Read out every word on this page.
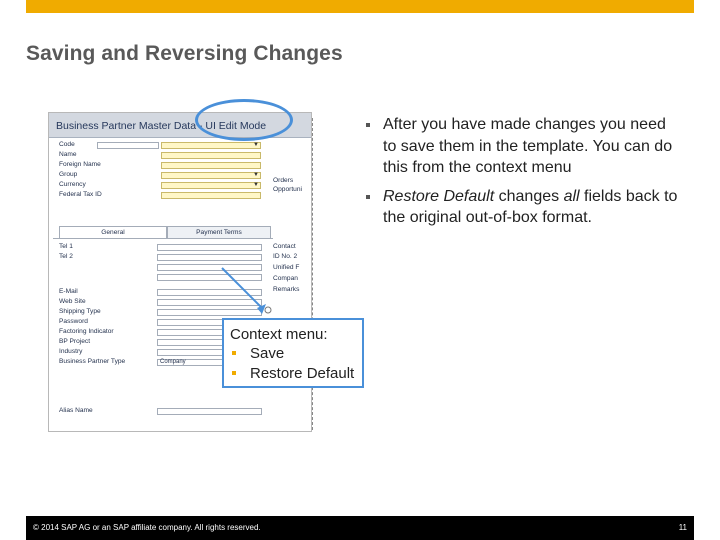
Saving and Reversing Changes
Business Partner Master Data - UI Edit Mode
Code	▼
Name
Foreign Name
Group	▼
Currency	▼
Federal Tax ID
Orders
Opportuni
General	Payment Terms
Tel 1
Tel 2
E-Mail
Web Site
Shipping Type
Password
Factoring Indicator
BP Project
Industry
Business Partner Type	Company
Alias Name
Contact
ID No. 2
Unified F
Compan
Remarks
Context menu:
Save
Restore Default
After you have made changes you need to save them in the template. You can do this from the context menu
Restore Default changes all fields back to the original out-of-box format.
© 2014 SAP AG or an SAP affiliate company. All rights reserved.	11
